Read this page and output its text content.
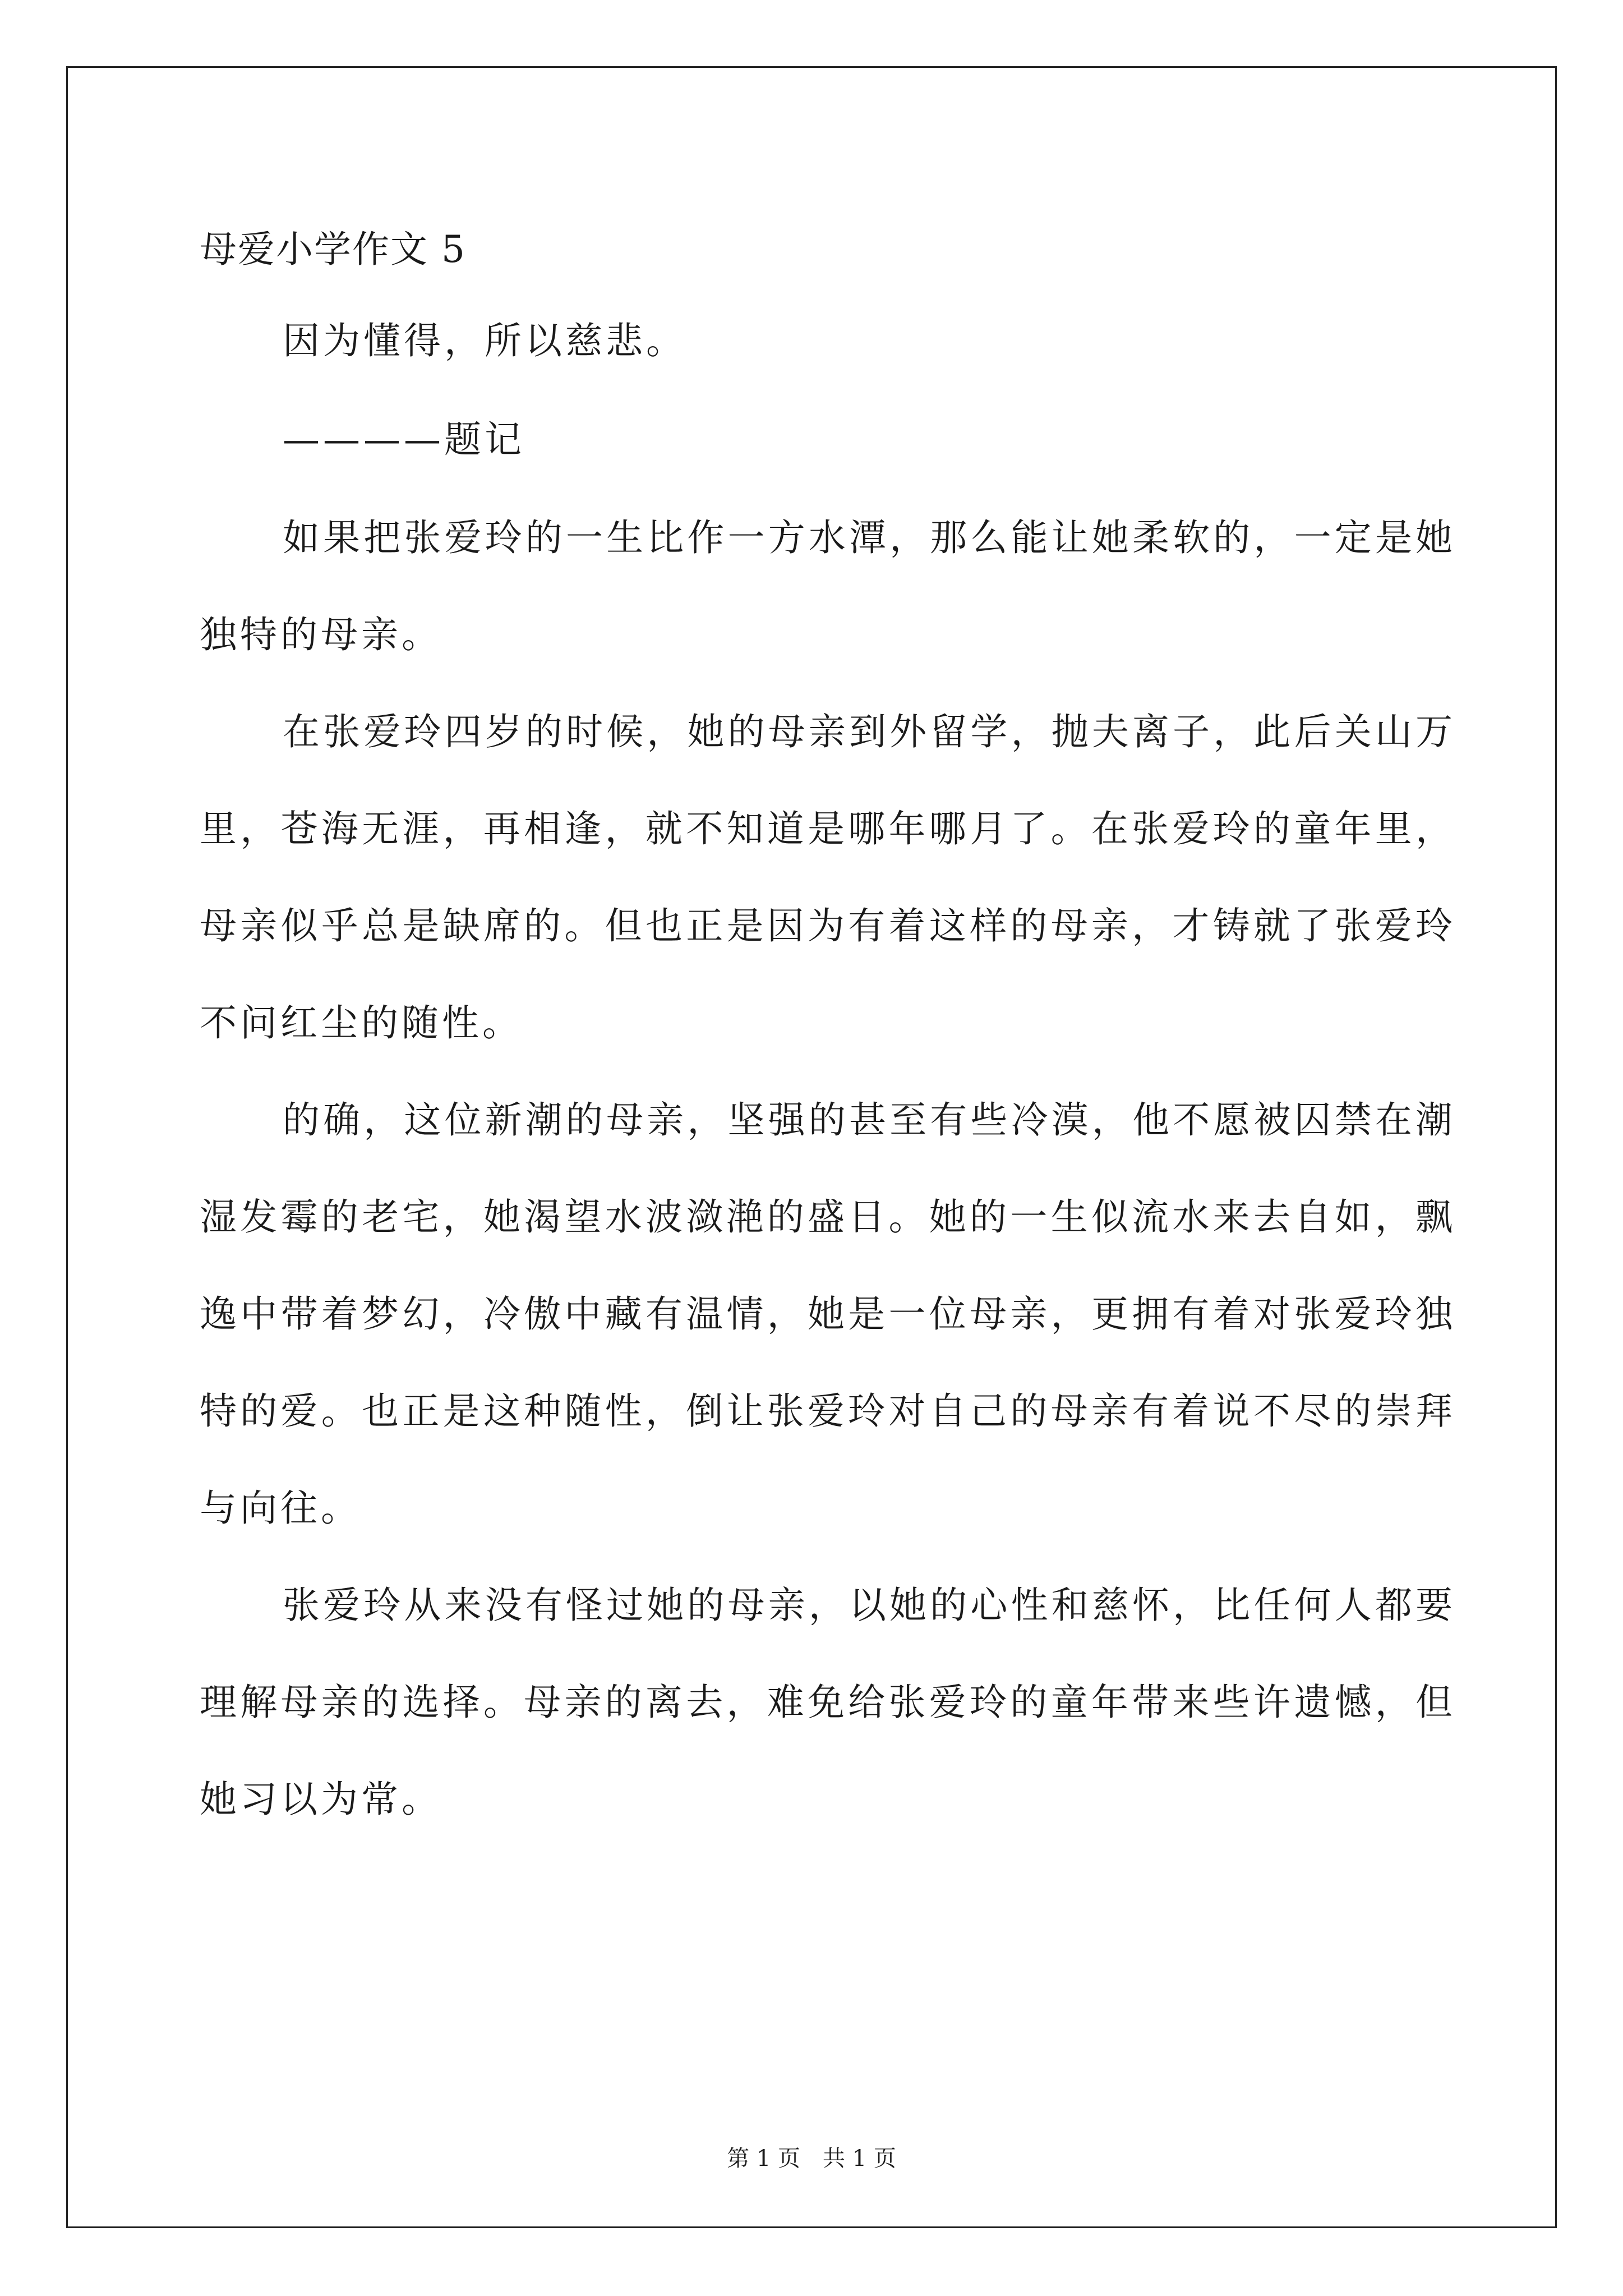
母爱小学作文 5

因为懂得，所以慈悲。

————题记

如果把张爱玲的一生比作一方水潭，那么能让她柔软的，一定是她独特的母亲。

在张爱玲四岁的时候，她的母亲到外留学，抛夫离子，此后关山万里，苍海无涯，再相逢，就不知道是哪年哪月了。在张爱玲的童年里，母亲似乎总是缺席的。但也正是因为有着这样的母亲，才铸就了张爱玲不问红尘的随性。

的确，这位新潮的母亲，坚强的甚至有些冷漠，他不愿被囚禁在潮湿发霉的老宅，她渴望水波潋滟的盛日。她的一生似流水来去自如，飘逸中带着梦幻，冷傲中藏有温情，她是一位母亲，更拥有着对张爱玲独特的爱。也正是这种随性，倒让张爱玲对自己的母亲有着说不尽的崇拜与向往。

张爱玲从来没有怪过她的母亲，以她的心性和慈怀，比任何人都要理解母亲的选择。母亲的离去，难免给张爱玲的童年带来些许遗憾，但她习以为常。

第 1 页　共 1 页
